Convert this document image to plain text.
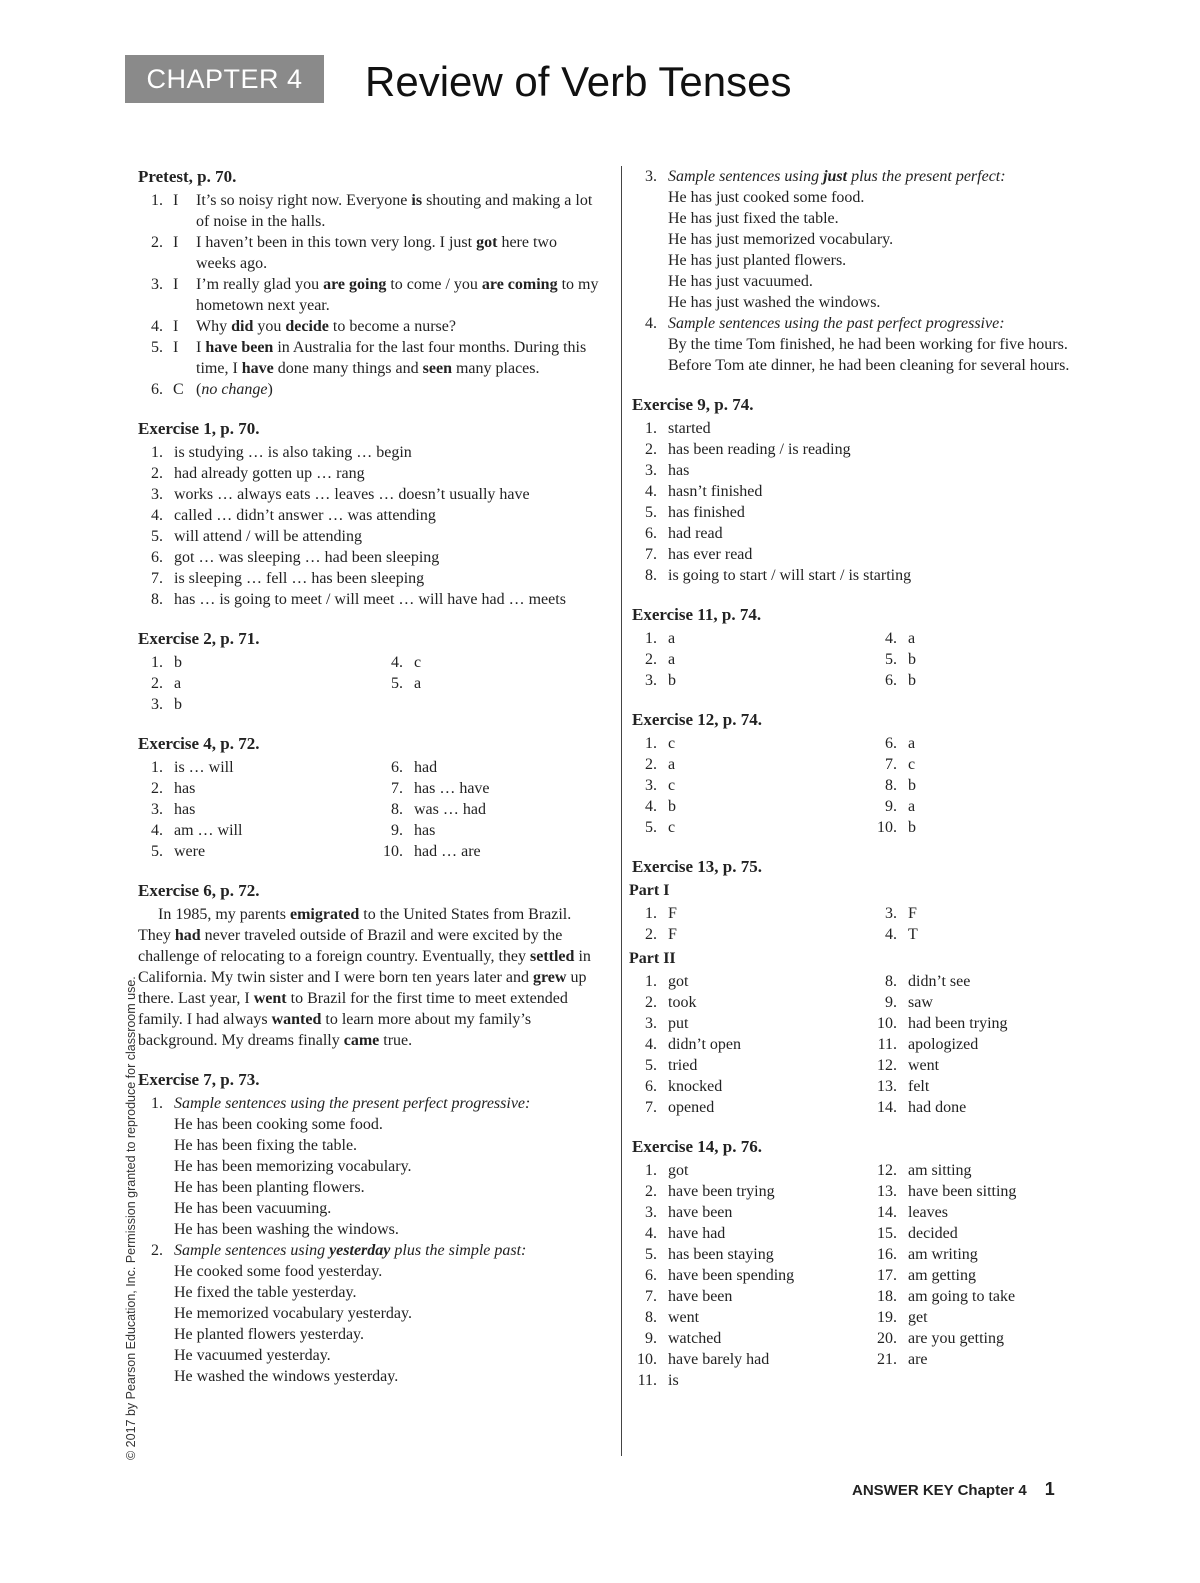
CHAPTER 4	Review of Verb Tenses
© 2017 by Pearson Education, Inc. Permission granted to reproduce for classroom use.
Pretest, p. 70.
1. I It’s so noisy right now. Everyone is shouting and making a lot of noise in the halls.
2. I I haven’t been in this town very long. I just got here two weeks ago.
3. I I’m really glad you are going to come / you are coming to my hometown next year.
4. I Why did you decide to become a nurse?
5. I I have been in Australia for the last four months. During this time, I have done many things and seen many places.
6. C (no change)
Exercise 1, p. 70.
1. is studying … is also taking … begin
2. had already gotten up … rang
3. works … always eats … leaves … doesn’t usually have
4. called … didn’t answer … was attending
5. will attend / will be attending
6. got … was sleeping … had been sleeping
7. is sleeping … fell … has been sleeping
8. has … is going to meet / will meet … will have had … meets
Exercise 2, p. 71.
1. b
2. a
3. b
4. c
5. a
Exercise 4, p. 72.
1. is … will
2. has
3. has
4. am … will
5. were
6. had
7. has … have
8. was … had
9. has
10. had … are
Exercise 6, p. 72.

In 1985, my parents emigrated to the United States from Brazil. They had never traveled outside of Brazil and were excited by the challenge of relocating to a foreign country. Eventually, they settled in California. My twin sister and I were born ten years later and grew up there. Last year, I went to Brazil for the first time to meet extended family. I had always wanted to learn more about my family’s background. My dreams finally came true.

Exercise 7, p. 73.
1. Sample sentences using the present perfect progressive:
He has been cooking some food.
He has been fixing the table.
He has been memorizing vocabulary.
He has been planting flowers.
He has been vacuuming.
He has been washing the windows.
2. Sample sentences using yesterday plus the simple past:
He cooked some food yesterday.
He fixed the table yesterday.
He memorized vocabulary yesterday.
He planted flowers yesterday.
He vacuumed yesterday.
He washed the windows yesterday.
3. Sample sentences using just plus the present perfect:
He has just cooked some food.
He has just fixed the table.
He has just memorized vocabulary.
He has just planted flowers.
He has just vacuumed.
He has just washed the windows.
4. Sample sentences using the past perfect progressive:
By the time Tom finished, he had been working for five hours.
Before Tom ate dinner, he had been cleaning for several hours.
Exercise 9, p. 74.
1. started
2. has been reading / is reading
3. has
4. hasn’t finished
5. has finished
6. had read
7. has ever read
8. is going to start / will start / is starting
Exercise 11, p. 74.
1. a
2. a
3. b
4. a
5. b
6. b
Exercise 12, p. 74.
1. c
2. a
3. c
4. b
5. c
6. a
7. c
8. b
9. a
10. b
Exercise 13, p. 75.
Part I
1. F
2. F
3. F
4. T
Part II
1. got
2. took
3. put
4. didn’t open
5. tried
6. knocked
7. opened
8. didn’t see
9. saw
10. had been trying
11. apologized
12. went
13. felt
14. had done
Exercise 14, p. 76.
1. got
2. have been trying
3. have been
4. have had
5. has been staying
6. have been spending
7. have been
8. went
9. watched
10. have barely had
11. is
12. am sitting
13. have been sitting
14. leaves
15. decided
16. am writing
17. am getting
18. am going to take
19. get
20. are you getting
21. are
ANSWER KEY Chapter 4 1
